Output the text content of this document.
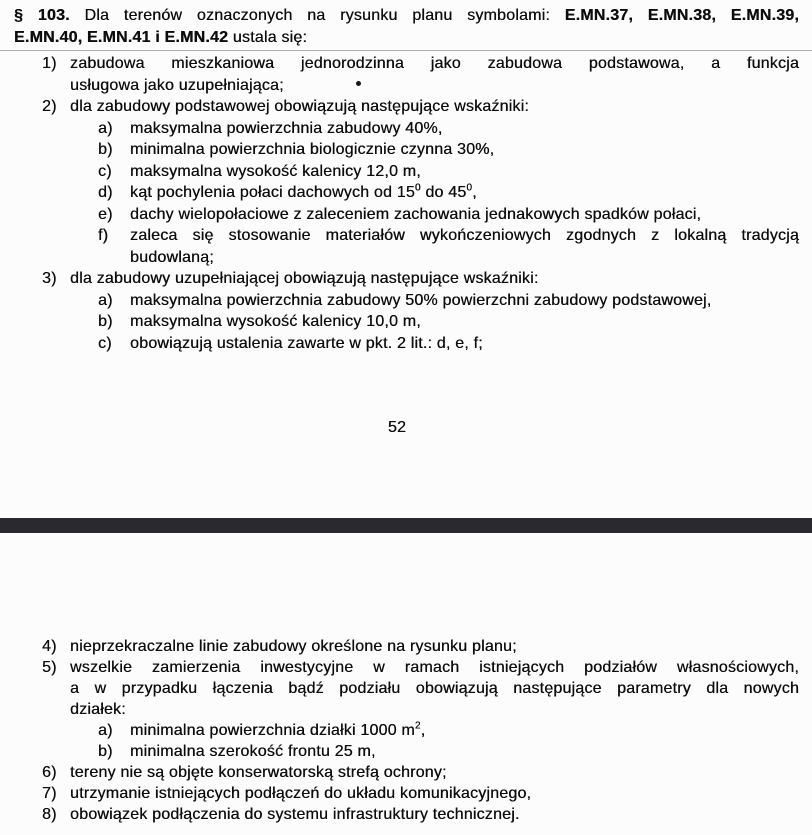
§ 103. Dla terenów oznaczonych na rysunku planu symbolami: E.MN.37, E.MN.38, E.MN.39,
E.MN.40, E.MN.41 i E.MN.42 ustala się:
1) zabudowa mieszkaniowa jednorodzinna jako zabudowa podstawowa, a funkcja
usługowa jako uzupełniająca;
2) dla zabudowy podstawowej obowiązują następujące wskaźniki:
a)	maksymalna powierzchnia zabudowy 40%,
b)	minimalna powierzchnia biologicznie czynna 30%,
c)	maksymalna wysokość kalenicy 12,0 m,
d)	kąt pochylenia połaci dachowych od $15^0$ do $45^0$,
e)	dachy wielopołaciowe z zaleceniem zachowania jednakowych spadków połaci,
f)	zaleca się stosowanie materiałów wykończeniowych zgodnych z lokalną tradycją
budowlaną;
3) dla zabudowy uzupełniającej obowiązują następujące wskaźniki:
a)	maksymalna powierzchnia zabudowy 50% powierzchni zabudowy podstawowej,
b)	maksymalna wysokość kalenicy 10,0 m,
c)	obowiązują ustalenia zawarte w pkt. 2 lit.: d, e, f;
52
4) nieprzekraczalne linie zabudowy określone na rysunku planu;
5) wszelkie zamierzenia inwestycyjne w ramach istniejących podziałów własnościowych,
a w przypadku łączenia bądź podziału obowiązują następujące parametry dla nowych
działek:
a)	minimalna powierzchnia działki 1000 $m^2$,
b)	minimalna szerokość frontu 25 m,
6) tereny nie są objęte konserwatorską strefą ochrony;
7) utrzymanie istniejących podłączeń do układu komunikacyjnego,
8) obowiązek podłączenia do systemu infrastruktury technicznej.
